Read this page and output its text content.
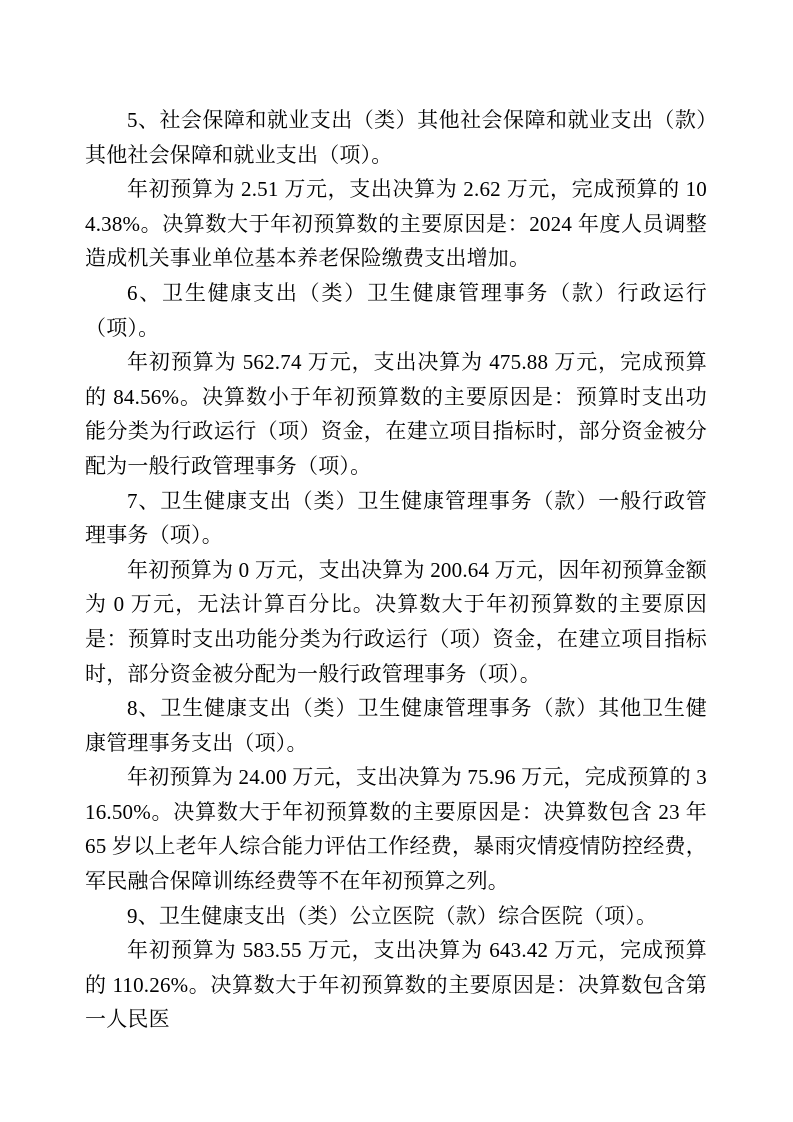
5、社会保障和就业支出（类）其他社会保障和就业支出（款）其他社会保障和就业支出（项）。

年初预算为 2.51 万元，支出决算为 2.62 万元，完成预算的 104.38%。决算数大于年初预算数的主要原因是：2024 年度人员调整造成机关事业单位基本养老保险缴费支出增加。

6、卫生健康支出（类）卫生健康管理事务（款）行政运行（项）。

年初预算为 562.74 万元，支出决算为 475.88 万元，完成预算的 84.56%。决算数小于年初预算数的主要原因是：预算时支出功能分类为行政运行（项）资金，在建立项目指标时，部分资金被分配为一般行政管理事务（项）。

7、卫生健康支出（类）卫生健康管理事务（款）一般行政管理事务（项）。

年初预算为 0 万元，支出决算为 200.64 万元，因年初预算金额为 0 万元，无法计算百分比。决算数大于年初预算数的主要原因是：预算时支出功能分类为行政运行（项）资金，在建立项目指标时，部分资金被分配为一般行政管理事务（项）。

8、卫生健康支出（类）卫生健康管理事务（款）其他卫生健康管理事务支出（项）。

年初预算为 24.00 万元，支出决算为 75.96 万元，完成预算的 316.50%。决算数大于年初预算数的主要原因是：决算数包含 23 年 65 岁以上老年人综合能力评估工作经费，暴雨灾情疫情防控经费，军民融合保障训练经费等不在年初预算之列。

9、卫生健康支出（类）公立医院（款）综合医院（项）。

年初预算为 583.55 万元，支出决算为 643.42 万元，完成预算的 110.26%。决算数大于年初预算数的主要原因是：决算数包含第一人民医
